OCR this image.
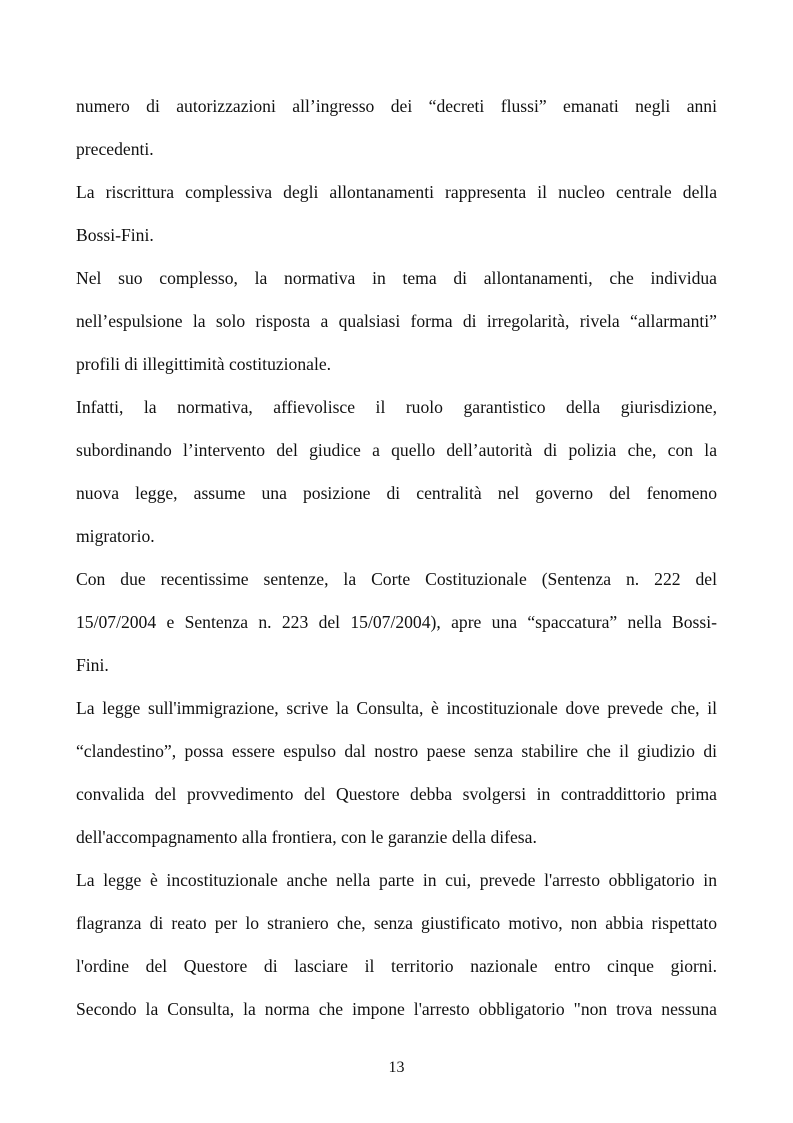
numero di autorizzazioni all’ingresso dei “decreti flussi” emanati negli anni
precedenti.
La riscrittura complessiva degli allontanamenti rappresenta il nucleo centrale della
Bossi-Fini.
Nel suo complesso, la normativa in tema di allontanamenti, che individua
nell’espulsione la solo risposta a qualsiasi forma di irregolarità, rivela “allarmanti”
profili di illegittimità costituzionale.
Infatti, la normativa, affievolisce il ruolo garantistico della giurisdizione,
subordinando l’intervento del giudice a quello dell’autorità di polizia che, con la
nuova legge, assume una posizione di centralità nel governo del fenomeno
migratorio.
Con due recentissime sentenze, la Corte Costituzionale (Sentenza n. 222 del
15/07/2004 e Sentenza n. 223 del 15/07/2004), apre una “spaccatura” nella Bossi-
Fini.
La legge sull'immigrazione, scrive la Consulta, è incostituzionale dove prevede che, il
“clandestino”, possa essere espulso dal nostro paese senza stabilire che il giudizio di
convalida del provvedimento del Questore debba svolgersi in contraddittorio prima
dell'accompagnamento alla frontiera, con le garanzie della difesa.
La legge è incostituzionale anche nella parte in cui, prevede l'arresto obbligatorio in
flagranza di reato per lo straniero che, senza giustificato motivo, non abbia rispettato
l'ordine del Questore di lasciare il territorio nazionale entro cinque giorni.
Secondo la Consulta, la norma che impone l'arresto obbligatorio "non trova nessuna
13
